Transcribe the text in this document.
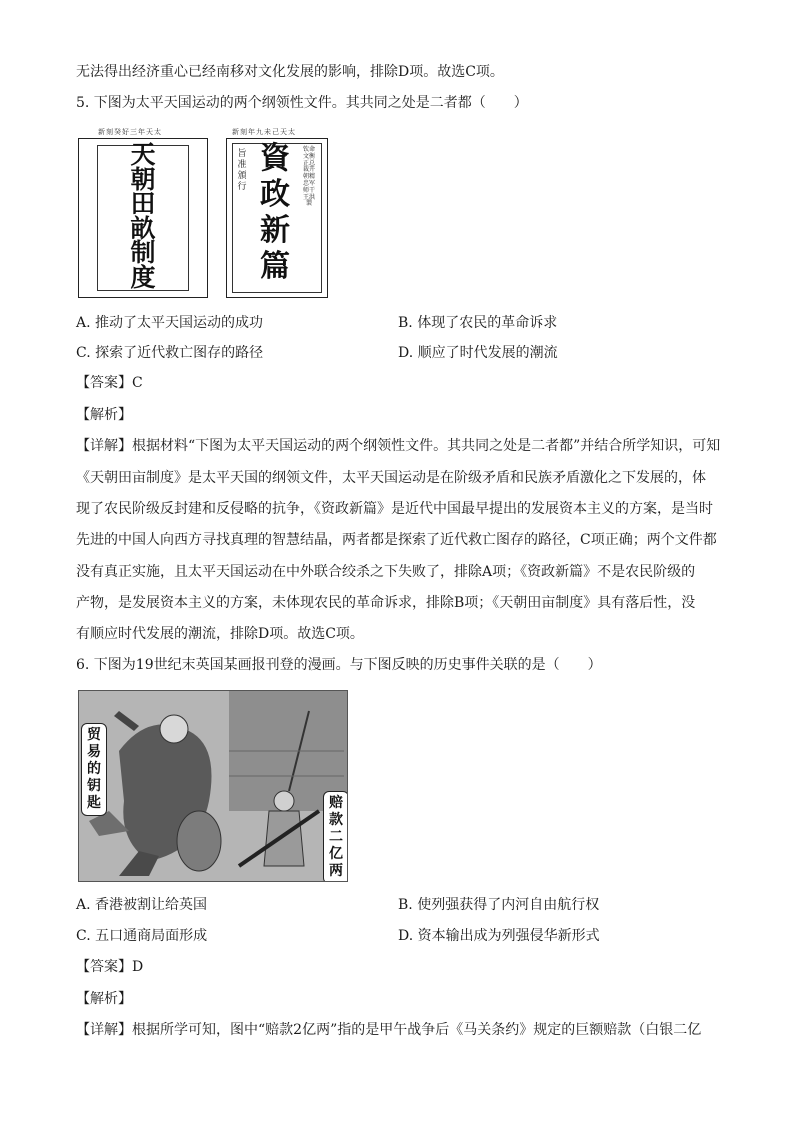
无法得出经济重心已经南移对文化发展的影响，排除D项。故选C项。
5. 下图为太平天国运动的两个纲领性文件。其共同之处是二者都（　　）
新刻癸好三年天太
天
朝
田
畝
制
度
新刻年九未己天太
旨准頒行
資
政
新
篇
钦命文衡正总裁开朝精忠军师干王洪 製
A. 推动了太平天国运动的成功	B. 体现了农民的革命诉求
C. 探索了近代救亡图存的路径	D. 顺应了时代发展的潮流
【答案】C
【解析】
【详解】根据材料“下图为太平天国运动的两个纲领性文件。其共同之处是二者都”并结合所学知识，可知
《天朝田亩制度》是太平天国的纲领文件，太平天国运动是在阶级矛盾和民族矛盾激化之下发展的，体
现了农民阶级反封建和反侵略的抗争，《资政新篇》是近代中国最早提出的发展资本主义的方案，是当时
先进的中国人向西方寻找真理的智慧结晶，两者都是探索了近代救亡图存的路径，C项正确；两个文件都
没有真正实施，且太平天国运动在中外联合绞杀之下失败了，排除A项；《资政新篇》不是农民阶级的
产物，是发展资本主义的方案，未体现农民的革命诉求，排除B项；《天朝田亩制度》具有落后性，没
有顺应时代发展的潮流，排除D项。故选C项。
6. 下图为19世纪末英国某画报刊登的漫画。与下图反映的历史事件关联的是（　　）
贸
易
的
钥
匙	赔
款
二
亿
两
A. 香港被割让给英国	B. 使列强获得了内河自由航行权
C. 五口通商局面形成	D. 资本输出成为列强侵华新形式
【答案】D
【解析】
【详解】根据所学可知，图中“赔款2亿两”指的是甲午战争后《马关条约》规定的巨额赔款（白银二亿
